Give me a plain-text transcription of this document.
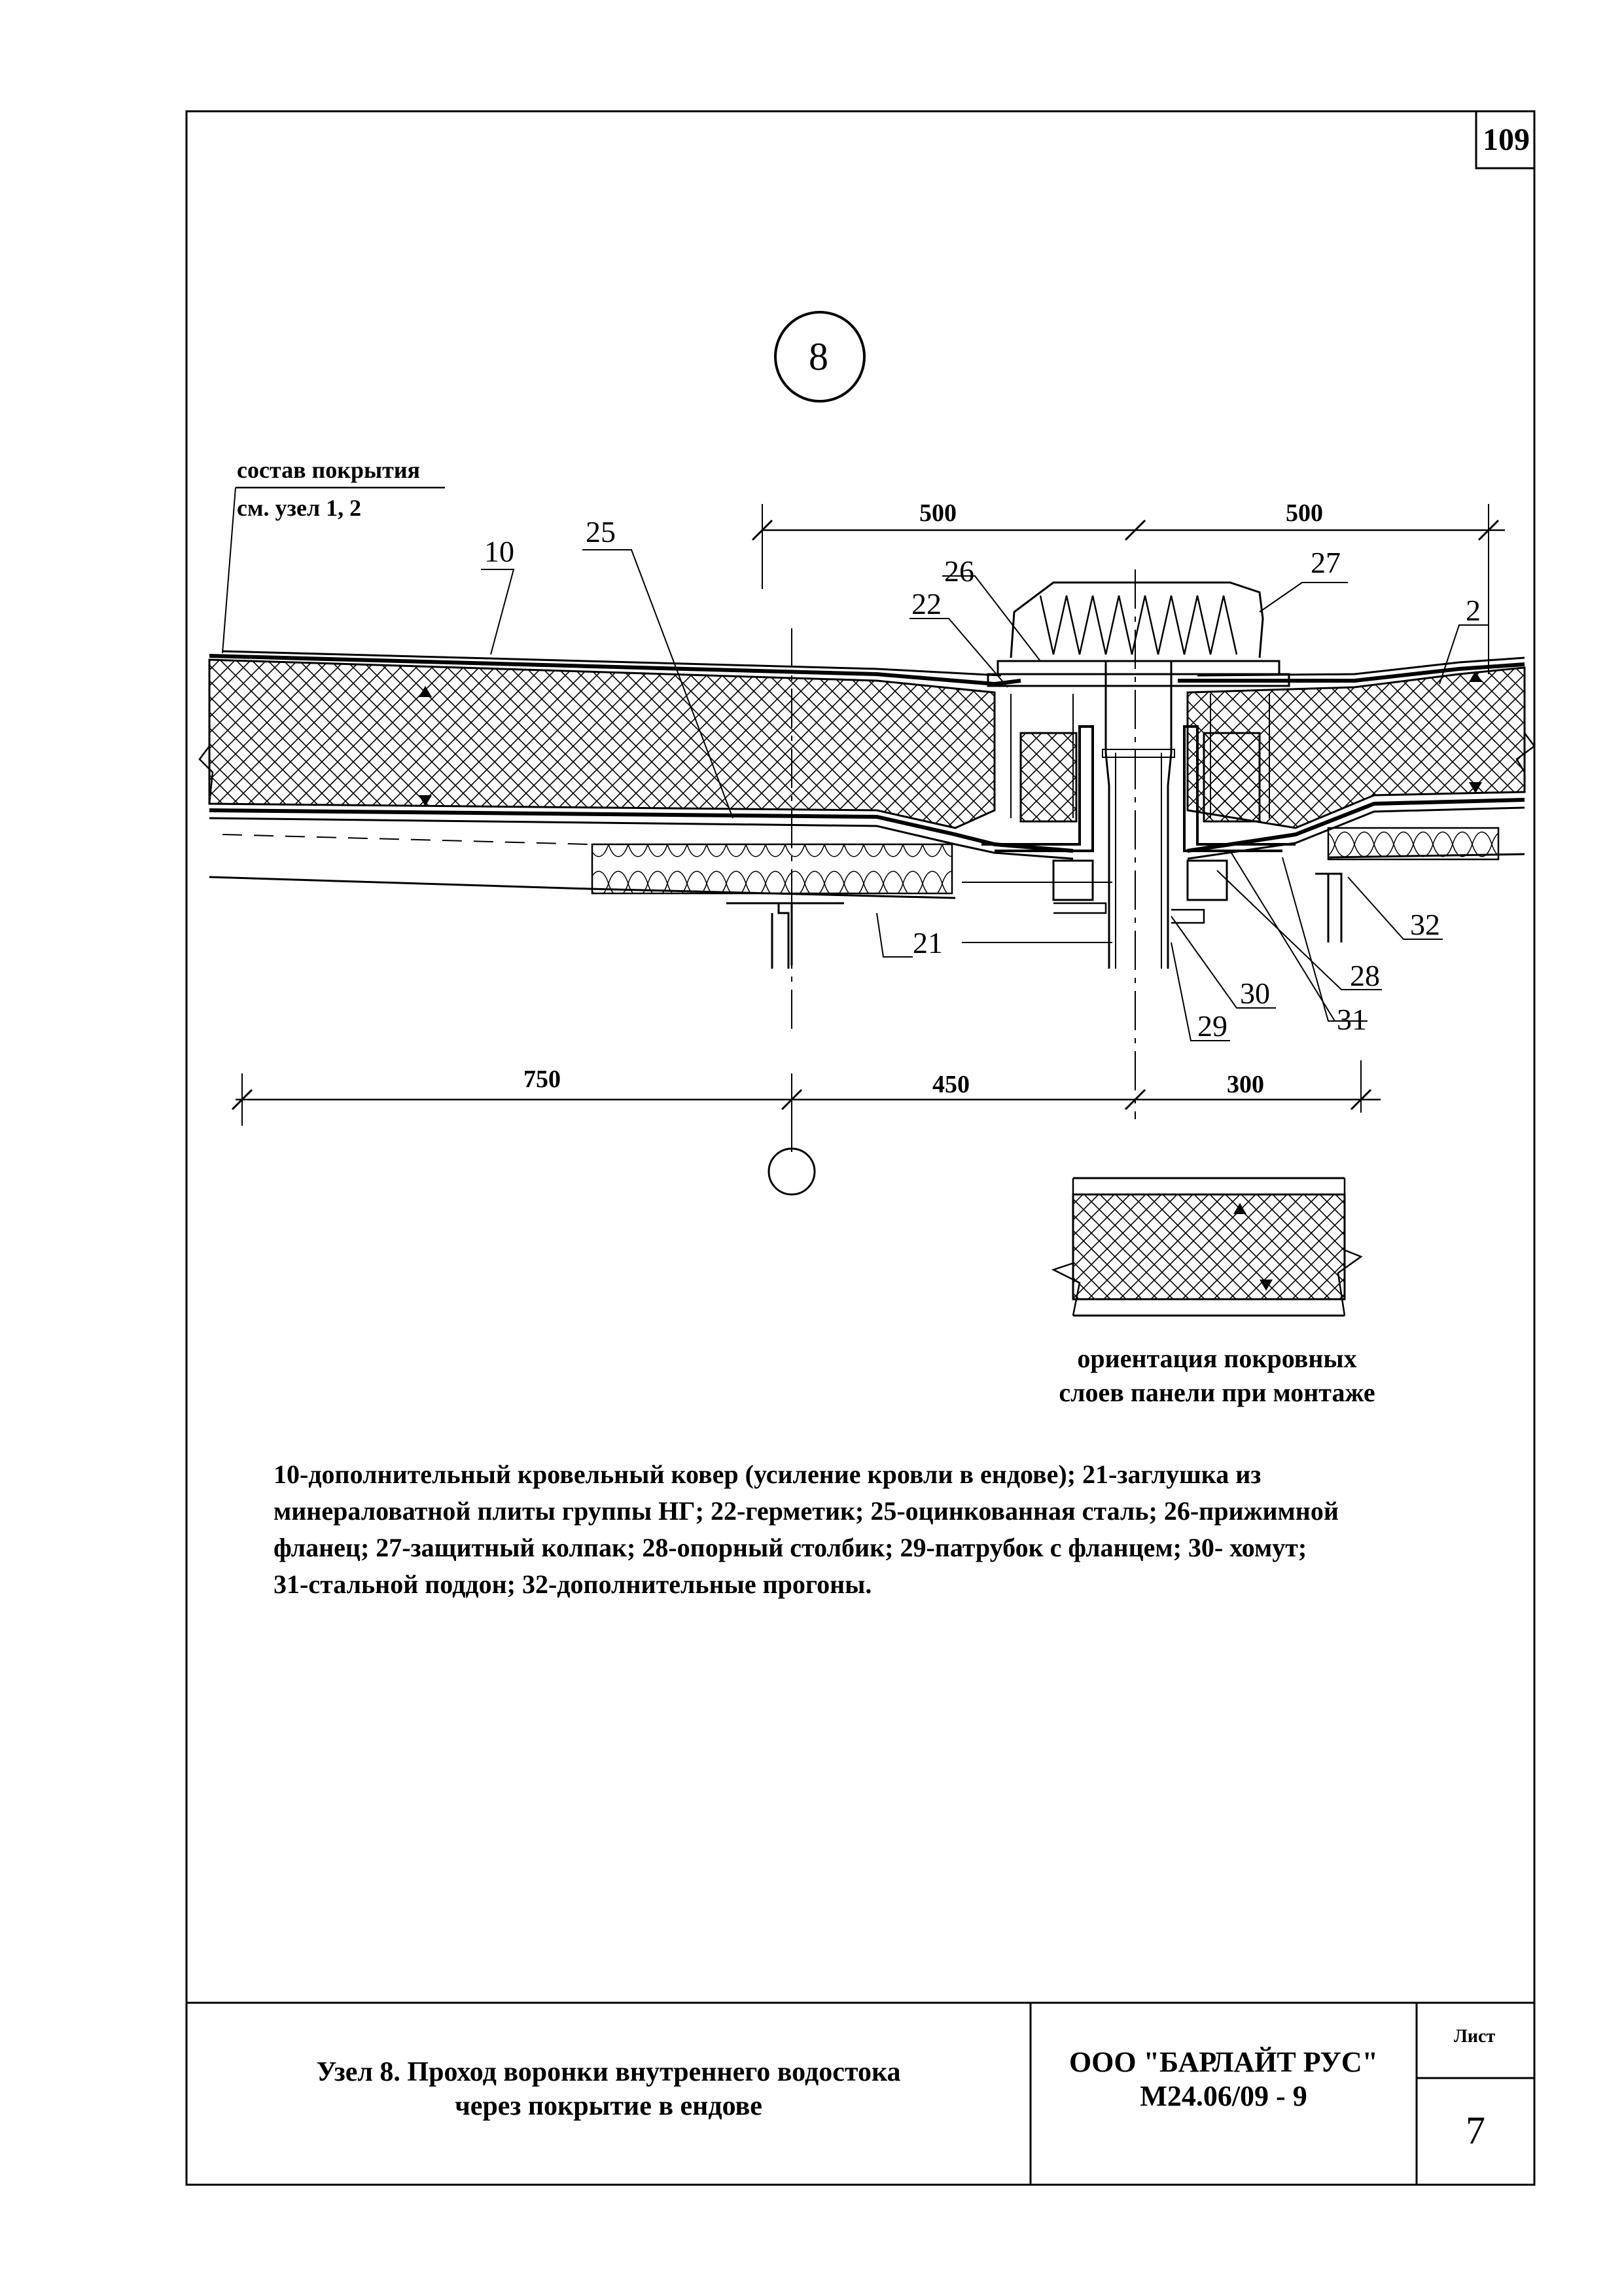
109
8
состав покрытия
см. узел 1, 2
10
25
26
22
27
2
21
32
28
30
29	31
500	500
750	450	300
ориентация покровных
слоев панели при монтаже
10-дополнительный кровельный ковер (усиление кровли в ендове); 21-заглушка из
минераловатной плиты группы НГ; 22-герметик; 25-оцинкованная сталь; 26-прижимной
фланец; 27-защитный колпак; 28-опорный столбик; 29-патрубок с фланцем; 30- хомут;
31-стальной поддон; 32-дополнительные прогоны.
Узел 8. Проход воронки внутреннего водостока
через покрытие в ендове
ООО "БАРЛАЙТ РУС"
М24.06/09 - 9
Лист
7
